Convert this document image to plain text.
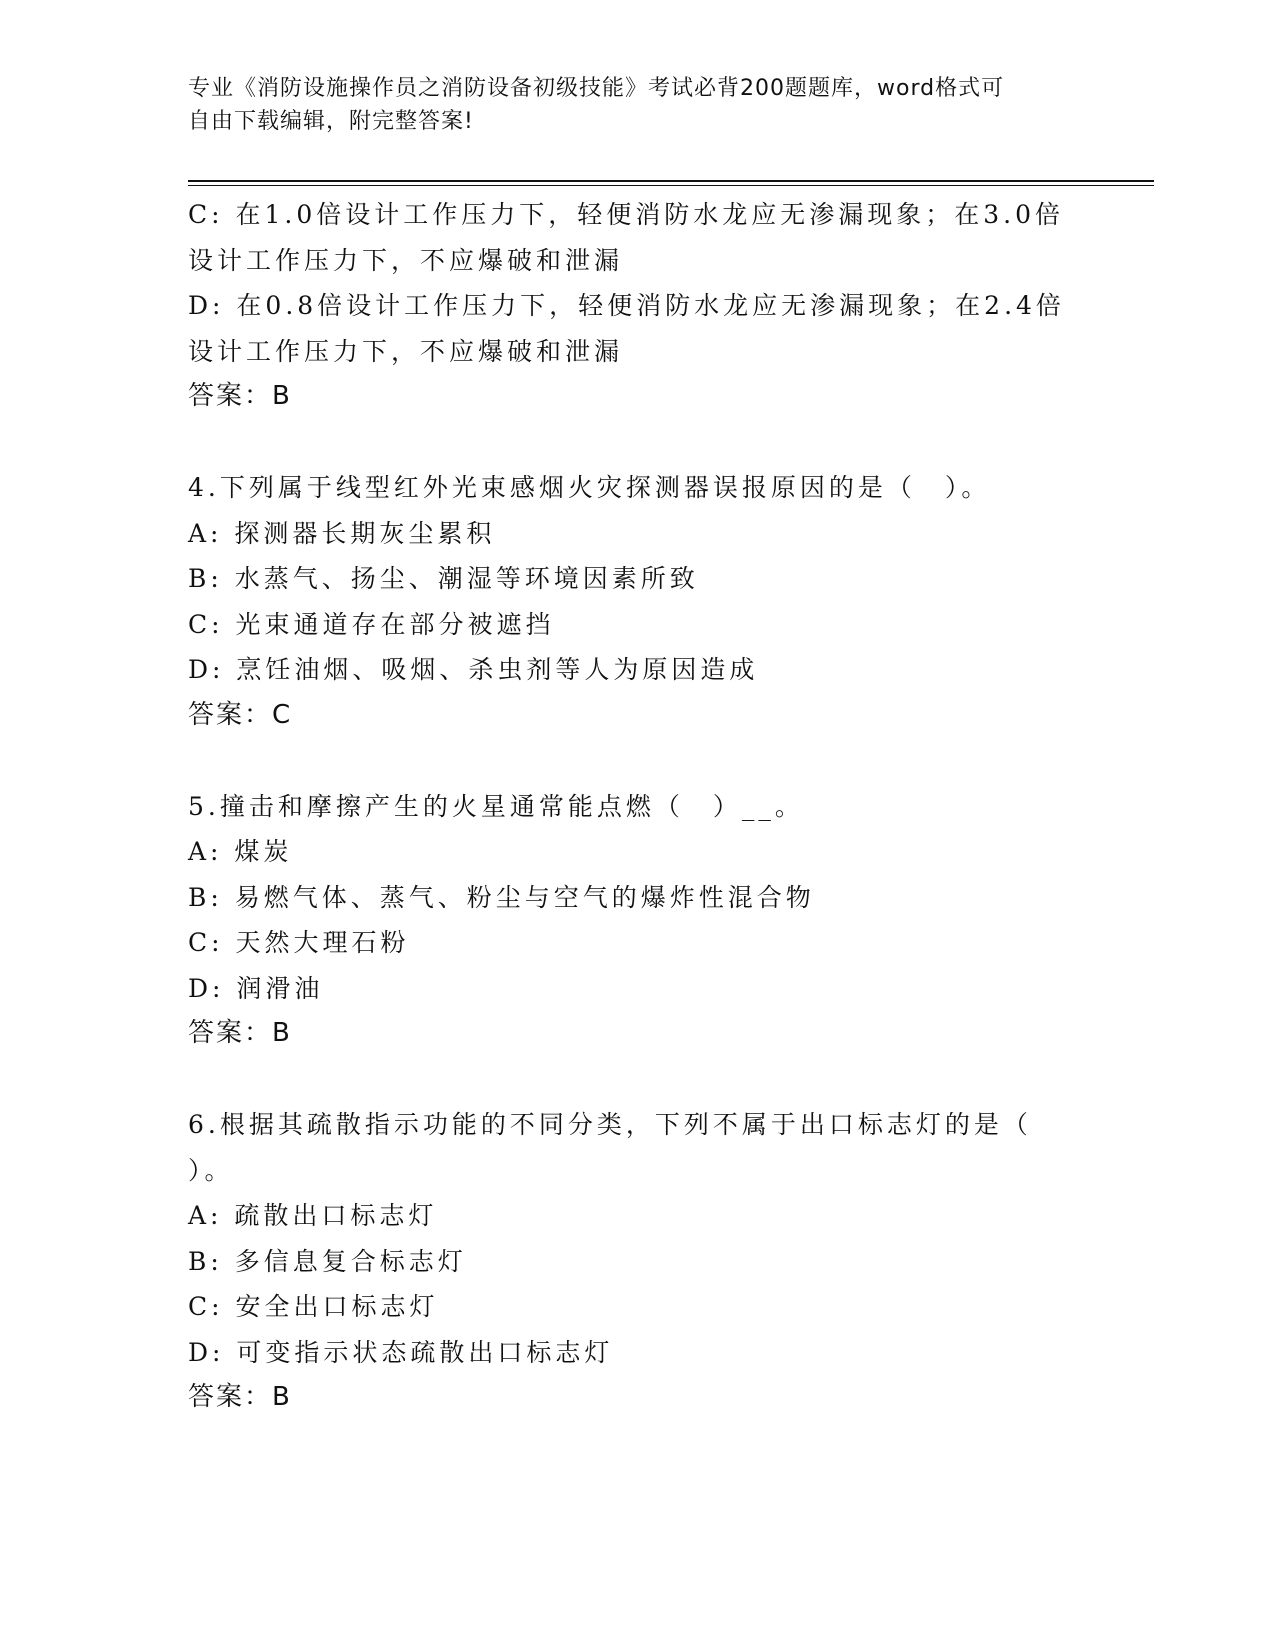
专业《消防设施操作员之消防设备初级技能》考试必背200题题库，word格式可
自由下载编辑，附完整答案!
C: 在1.0倍设计工作压力下，轻便消防水龙应无渗漏现象；在3.0倍
设计工作压力下，不应爆破和泄漏
D: 在0.8倍设计工作压力下，轻便消防水龙应无渗漏现象；在2.4倍
设计工作压力下，不应爆破和泄漏
答案：B
4.下列属于线型红外光束感烟火灾探测器误报原因的是（　）。
A: 探测器长期灰尘累积
B: 水蒸气、扬尘、潮湿等环境因素所致
C: 光束通道存在部分被遮挡
D: 烹饪油烟、吸烟、杀虫剂等人为原因造成
答案：C
5.撞击和摩擦产生的火星通常能点燃（　）__。
A: 煤炭
B: 易燃气体、蒸气、粉尘与空气的爆炸性混合物
C: 天然大理石粉
D: 润滑油
答案：B
6.根据其疏散指示功能的不同分类，下列不属于出口标志灯的是（
）。
A: 疏散出口标志灯
B: 多信息复合标志灯
C: 安全出口标志灯
D: 可变指示状态疏散出口标志灯
答案：B
